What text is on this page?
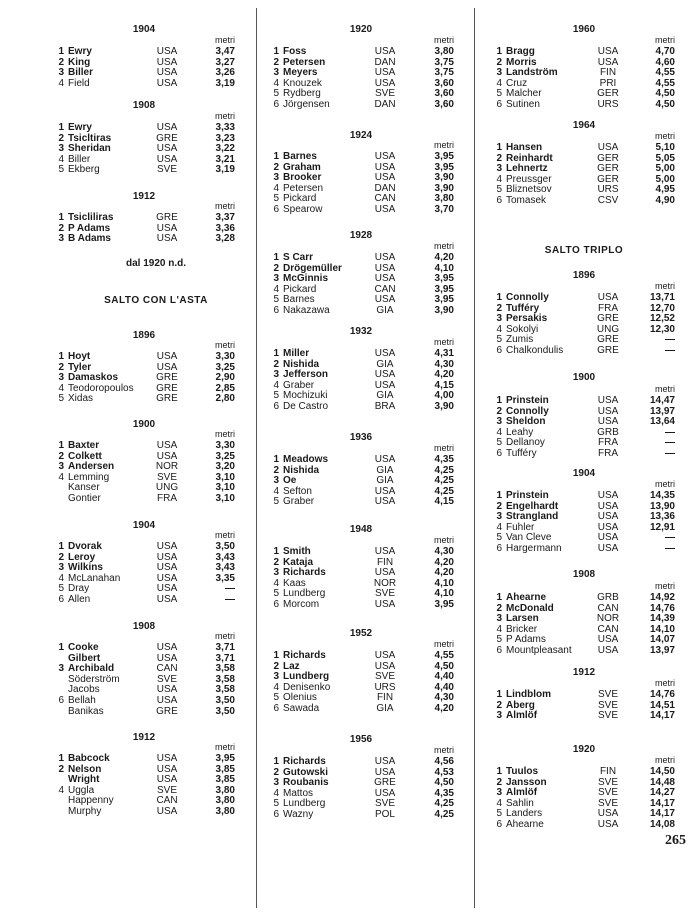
1904
metri
1 Ewry	USA	3,47
2 King	USA	3,27
3 Biller	USA	3,26
4 Field	USA	3,19
1908
metri
1 Ewry	USA	3,33
2 Tsicltiras	GRE	3,23
3 Sheridan	USA	3,22
4 Biller	USA	3,21
5 Ekberg	SVE	3,19
1912
metri
1 Tsicliliras	GRE	3,37
2 P Adams	USA	3,36
3 B Adams	USA	3,28
dal 1920 n.d.
SALTO CON L'ASTA
1896
metri
1 Hoyt	USA	3,30
2 Tyler	USA	3,25
3 Damaskos	GRE	2,90
4 Teodoropoulos	GRE	2,85
5 Xidas	GRE	2,80
1900
metri
1 Baxter	USA	3,30
2 Colkett	USA	3,25
3 Andersen	NOR	3,20
4 Lemming	SVE	3,10
Kanser	UNG	3,10
Gontier	FRA	3,10
1904
metri
1 Dvorak	USA	3,50
2 Leroy	USA	3,43
3 Wilkins	USA	3,43
4 McLanahan	USA	3,35
5 Dray	USA	—
6 Allen	USA	—
1908
metri
1 Cooke	USA	3,71
Gilbert	USA	3,71
3 Archibald	CAN	3,58
Söderström	SVE	3,58
Jacobs	USA	3,58
6 Bellah	USA	3,50
Banikas	GRE	3,50
1912
metri
1 Babcock	USA	3,95
2 Nelson	USA	3,85
Wright	USA	3,85
4 Uggla	SVE	3,80
Happenny	CAN	3,80
Murphy	USA	3,80
1920
metri
1 Foss	USA	3,80
2 Petersen	DAN	3,75
3 Meyers	USA	3,75
4 Knouzek	USA	3,60
5 Rydberg	SVE	3,60
6 Jörgensen	DAN	3,60
1924
metri
1 Barnes	USA	3,95
2 Graham	USA	3,95
3 Brooker	USA	3,90
4 Petersen	DAN	3,90
5 Pickard	CAN	3,80
6 Spearow	USA	3,70
1928
metri
1 S Carr	USA	4,20
2 Drögemüller	USA	4,10
3 McGinnis	USA	3,95
4 Pickard	CAN	3,95
5 Barnes	USA	3,95
6 Nakazawa	GIA	3,90
1932
metri
1 Miller	USA	4,31
2 Nishida	GIA	4,30
3 Jefferson	USA	4,20
4 Graber	USA	4,15
5 Mochizuki	GIA	4,00
6 De Castro	BRA	3,90
1936
metri
1 Meadows	USA	4,35
2 Nishida	GIA	4,25
3 Oe	GIA	4,25
4 Sefton	USA	4,25
5 Graber	USA	4,15
1948
metri
1 Smith	USA	4,30
2 Kataja	FIN	4,20
3 Richards	USA	4,20
4 Kaas	NOR	4,10
5 Lundberg	SVE	4,10
6 Morcom	USA	3,95
1952
metri
1 Richards	USA	4,55
2 Laz	USA	4,50
3 Lundberg	SVE	4,40
4 Denisenko	URS	4,40
5 Olenius	FIN	4,30
6 Sawada	GIA	4,20
1956
metri
1 Richards	USA	4,56
2 Gutowski	USA	4,53
3 Roubanis	GRE	4,50
4 Mattos	USA	4,35
5 Lundberg	SVE	4,25
6 Wazny	POL	4,25
1960
metri
1 Bragg	USA	4,70
2 Morris	USA	4,60
3 Landström	FIN	4,55
4 Cruz	PRI	4,55
5 Malcher	GER	4,50
6 Sutinen	URS	4,50
1964
metri
1 Hansen	USA	5,10
2 Reinhardt	GER	5,05
3 Lehnertz	GER	5,00
4 Preussger	GER	5,00
5 Bliznetsov	URS	4,95
6 Tomasek	CSV	4,90
SALTO TRIPLO
1896
metri
1 Connolly	USA	13,71
2 Tufféry	FRA	12,70
3 Persakis	GRE	12,52
4 Sokolyi	UNG	12,30
5 Zumis	GRE	—
6 Chalkondulis	GRE	—
1900
metri
1 Prinstein	USA	14,47
2 Connolly	USA	13,97
3 Sheldon	USA	13,64
4 Leahy	GRB	—
5 Dellanoy	FRA	—
6 Tufféry	FRA	—
1904
metri
1 Prinstein	USA	14,35
2 Engelhardt	USA	13,90
3 Strangland	USA	13,36
4 Fuhler	USA	12,91
5 Van Cleve	USA	—
6 Hargermann	USA	—
1908
metri
1 Ahearne	GRB	14,92
2 McDonald	CAN	14,76
3 Larsen	NOR	14,39
4 Bricker	CAN	14,10
5 P Adams	USA	14,07
6 Mountpleasant	USA	13,97
1912
metri
1 Lindblom	SVE	14,76
2 Aberg	SVE	14,51
3 Almlöf	SVE	14,17
1920
metri
1 Tuulos	FIN	14,50
2 Jansson	SVE	14,48
3 Almlöf	SVE	14,27
4 Sahlin	SVE	14,17
5 Landers	USA	14,17
6 Ahearne	USA	14,08
265
